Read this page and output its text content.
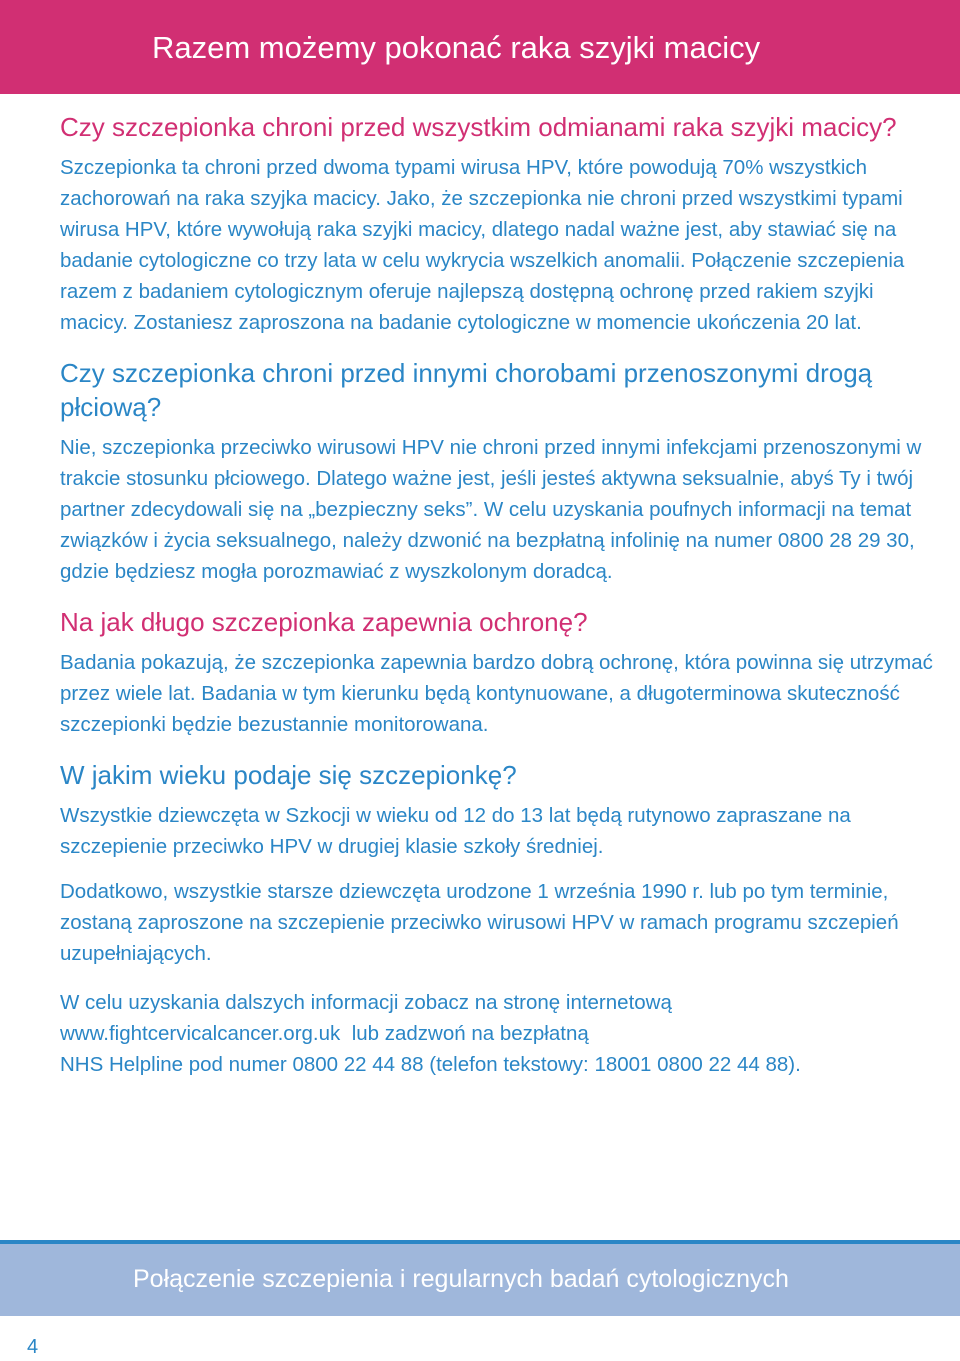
Razem możemy pokonać raka szyjki macicy
Czy szczepionka chroni przed wszystkim odmianami raka szyjki macicy?

Szczepionka ta chroni przed dwoma typami wirusa HPV, które powodują 70% wszystkich zachorowań na raka szyjka macicy. Jako, że szczepionka nie chroni przed wszystkimi typami wirusa HPV, które wywołują raka szyjki macicy, dlatego nadal ważne jest, aby stawiać się na badanie cytologiczne co trzy lata w celu wykrycia wszelkich anomalii. Połączenie szczepienia razem z badaniem cytologicznym oferuje najlepszą dostępną ochronę przed rakiem szyjki macicy. Zostaniesz zaproszona na badanie cytologiczne w momencie ukończenia 20 lat.

Czy szczepionka chroni przed innymi chorobami przenoszonymi drogą płciową?

Nie, szczepionka przeciwko wirusowi HPV nie chroni przed innymi infekcjami przenoszonymi w trakcie stosunku płciowego. Dlatego ważne jest, jeśli jesteś aktywna seksualnie, abyś Ty i twój partner zdecydowali się na „bezpieczny seks”. W celu uzyskania poufnych informacji na temat związków i życia seksualnego, należy dzwonić na bezpłatną infolinię na numer 0800 28 29 30, gdzie będziesz mogła porozmawiać z wyszkolonym doradcą.

Na jak długo szczepionka zapewnia ochronę?

Badania pokazują, że szczepionka zapewnia bardzo dobrą ochronę, która powinna się utrzymać przez wiele lat. Badania w tym kierunku będą kontynuowane, a długoterminowa skuteczność szczepionki będzie bezustannie monitorowana.

W jakim wieku podaje się szczepionkę?

Wszystkie dziewczęta w Szkocji w wieku od 12 do 13 lat będą rutynowo zapraszane na szczepienie przeciwko HPV w drugiej klasie szkoły średniej.

Dodatkowo, wszystkie starsze dziewczęta urodzone 1 września 1990 r. lub po tym terminie, zostaną zaproszone na szczepienie przeciwko wirusowi HPV w ramach programu szczepień uzupełniających.

W celu uzyskania dalszych informacji zobacz na stronę internetową

www.fightcervicalcancer.org.uk lub zadzwoń na bezpłatną

NHS Helpline pod numer 0800 22 44 88 (telefon tekstowy: 18001 0800 22 44 88).

Połączenie szczepienia i regularnych badań cytologicznych
4
